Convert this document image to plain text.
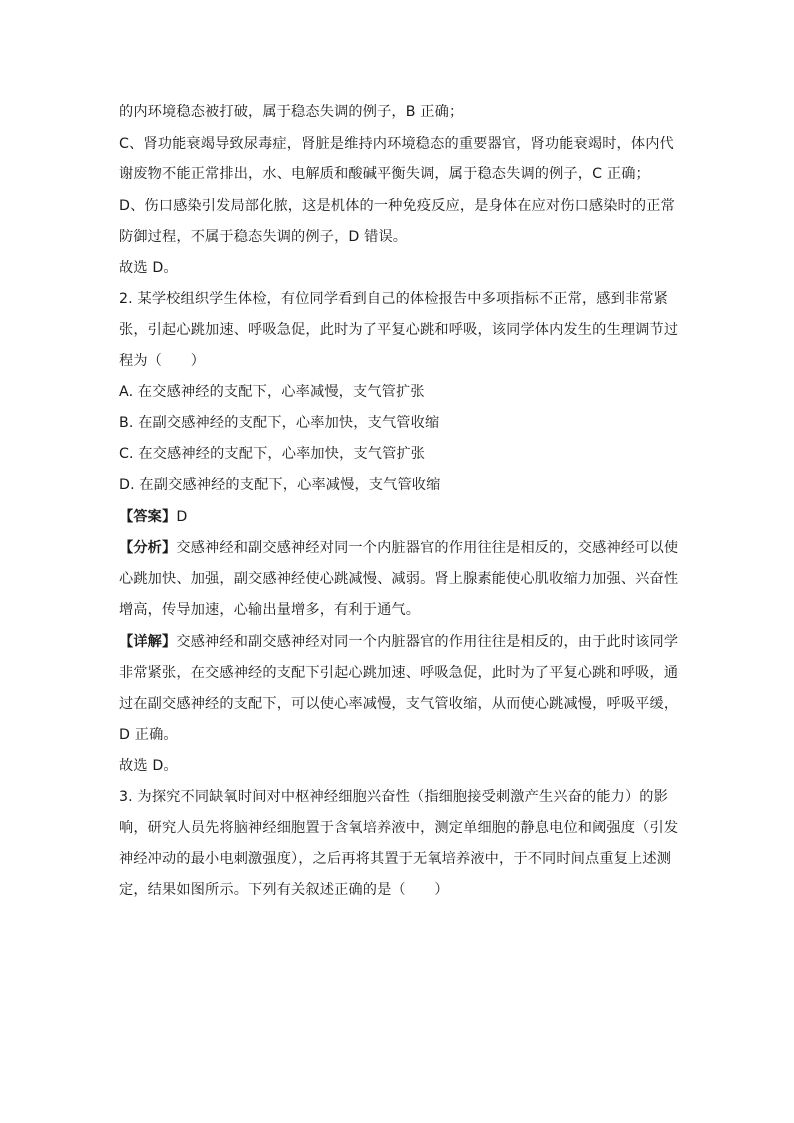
的内环境稳态被打破，属于稳态失调的例子，B 正确；
C、肾功能衰竭导致尿毒症，肾脏是维持内环境稳态的重要器官，肾功能衰竭时，体内代
谢废物不能正常排出，水、电解质和酸碱平衡失调，属于稳态失调的例子，C 正确；
D、伤口感染引发局部化脓，这是机体的一种免疫反应，是身体在应对伤口感染时的正常
防御过程，不属于稳态失调的例子，D 错误。
故选 D。
2. 某学校组织学生体检，有位同学看到自己的体检报告中多项指标不正常，感到非常紧
张，引起心跳加速、呼吸急促，此时为了平复心跳和呼吸，该同学体内发生的生理调节过
程为（　　）
A. 在交感神经的支配下，心率减慢，支气管扩张
B. 在副交感神经的支配下，心率加快，支气管收缩
C. 在交感神经的支配下，心率加快，支气管扩张
D. 在副交感神经的支配下，心率减慢，支气管收缩
【答案】D
【分析】交感神经和副交感神经对同一个内脏器官的作用往往是相反的，交感神经可以使
心跳加快、加强，副交感神经使心跳减慢、减弱。肾上腺素能使心肌收缩力加强、兴奋性
增高，传导加速，心输出量增多，有利于通气。
【详解】交感神经和副交感神经对同一个内脏器官的作用往往是相反的，由于此时该同学
非常紧张，在交感神经的支配下引起心跳加速、呼吸急促，此时为了平复心跳和呼吸，通
过在副交感神经的支配下，可以使心率减慢，支气管收缩，从而使心跳减慢，呼吸平缓，
D 正确。
故选 D。
3. 为探究不同缺氧时间对中枢神经细胞兴奋性（指细胞接受刺激产生兴奋的能力）的影
响，研究人员先将脑神经细胞置于含氧培养液中，测定单细胞的静息电位和阈强度（引发
神经冲动的最小电刺激强度），之后再将其置于无氧培养液中，于不同时间点重复上述测
定，结果如图所示。下列有关叙述正确的是（　　）
